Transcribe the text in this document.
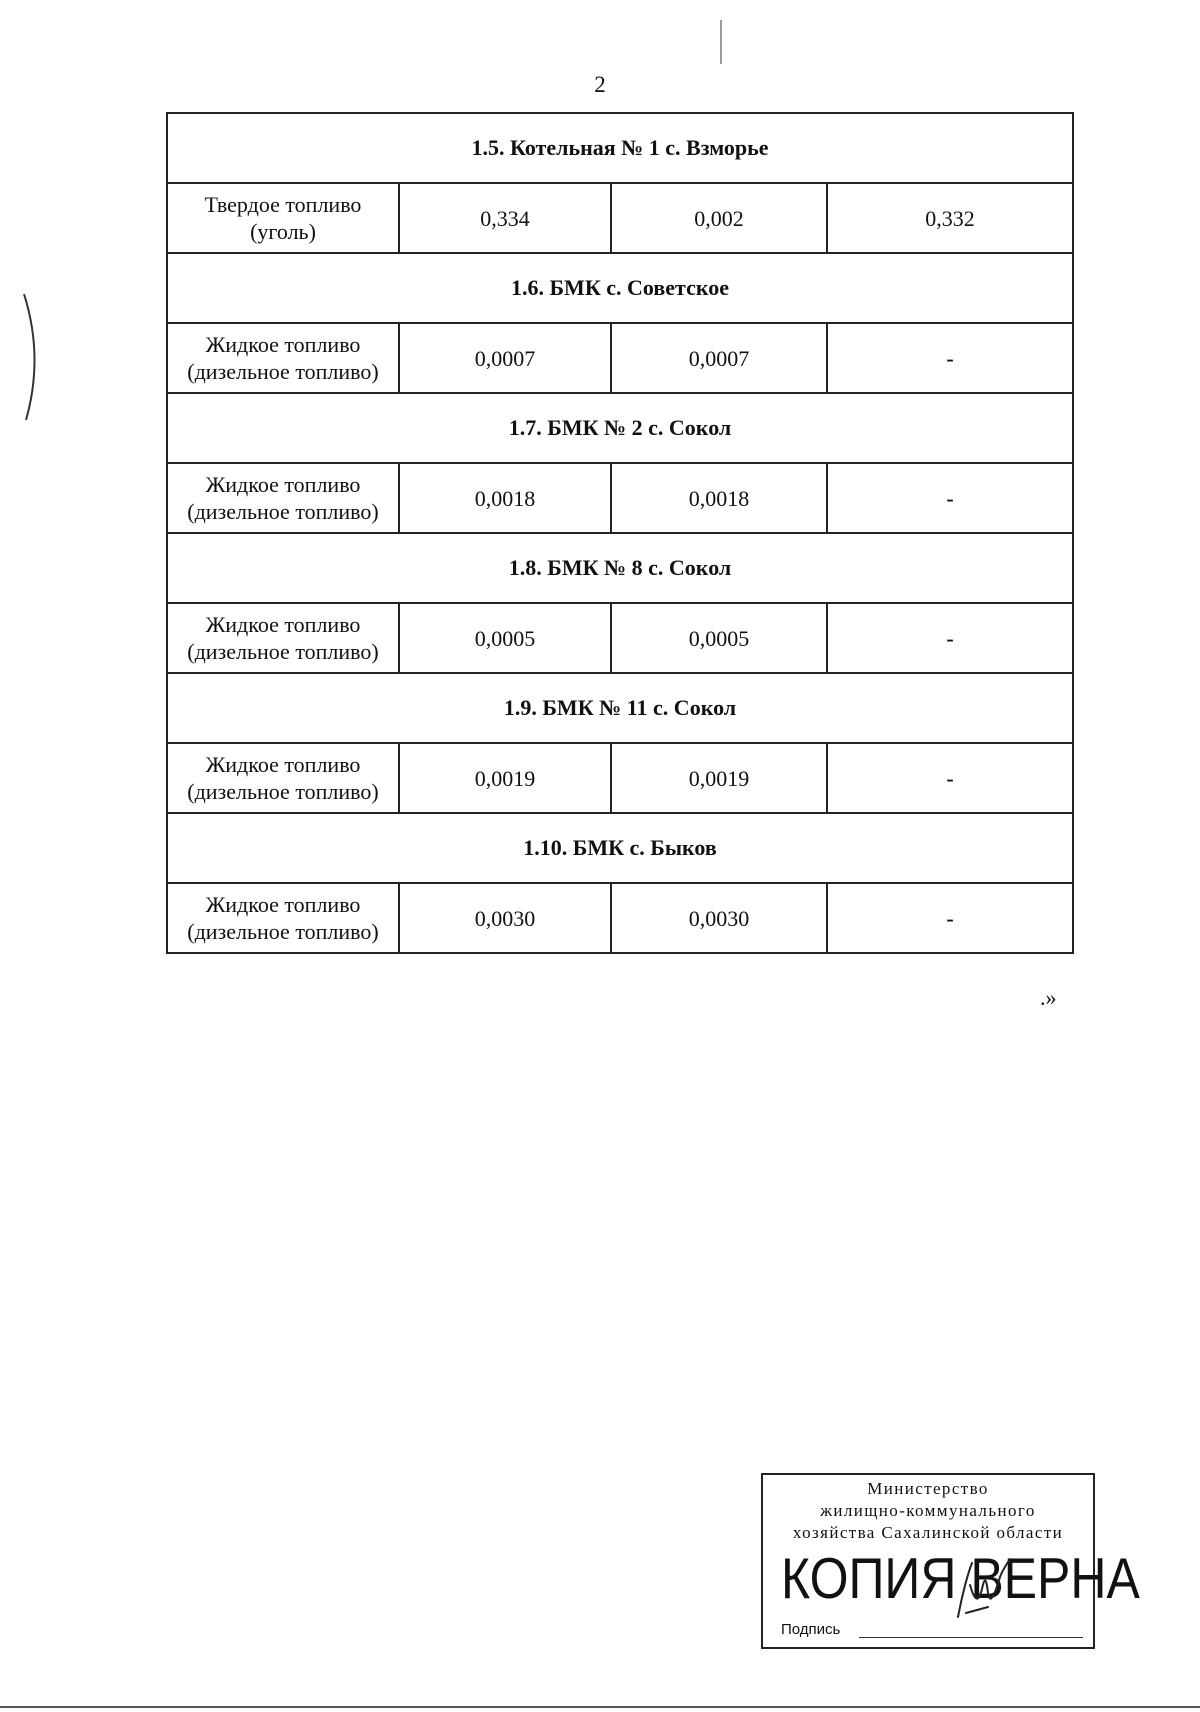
2
1.5. Котельная № 1 с. Взморье			

Твердое топливо
(уголь)	0,334	0,002	0,332
1.6. БМК с. Советское			

Жидкое топливо
(дизельное топливо)	0,0007	0,0007	-
1.7. БМК № 2 с. Сокол			

Жидкое топливо
(дизельное топливо)	0,0018	0,0018	-
1.8. БМК № 8 с. Сокол			

Жидкое топливо
(дизельное топливо)	0,0005	0,0005	-
1.9. БМК № 11 с. Сокол			

Жидкое топливо
(дизельное топливо)	0,0019	0,0019	-
1.10. БМК с. Быков			

Жидкое топливо
(дизельное топливо)	0,0030	0,0030	-
.»
Министерство
жилищно-коммунального
хозяйства Сахалинской области
КОПИЯ ВЕРНА
Подпись
